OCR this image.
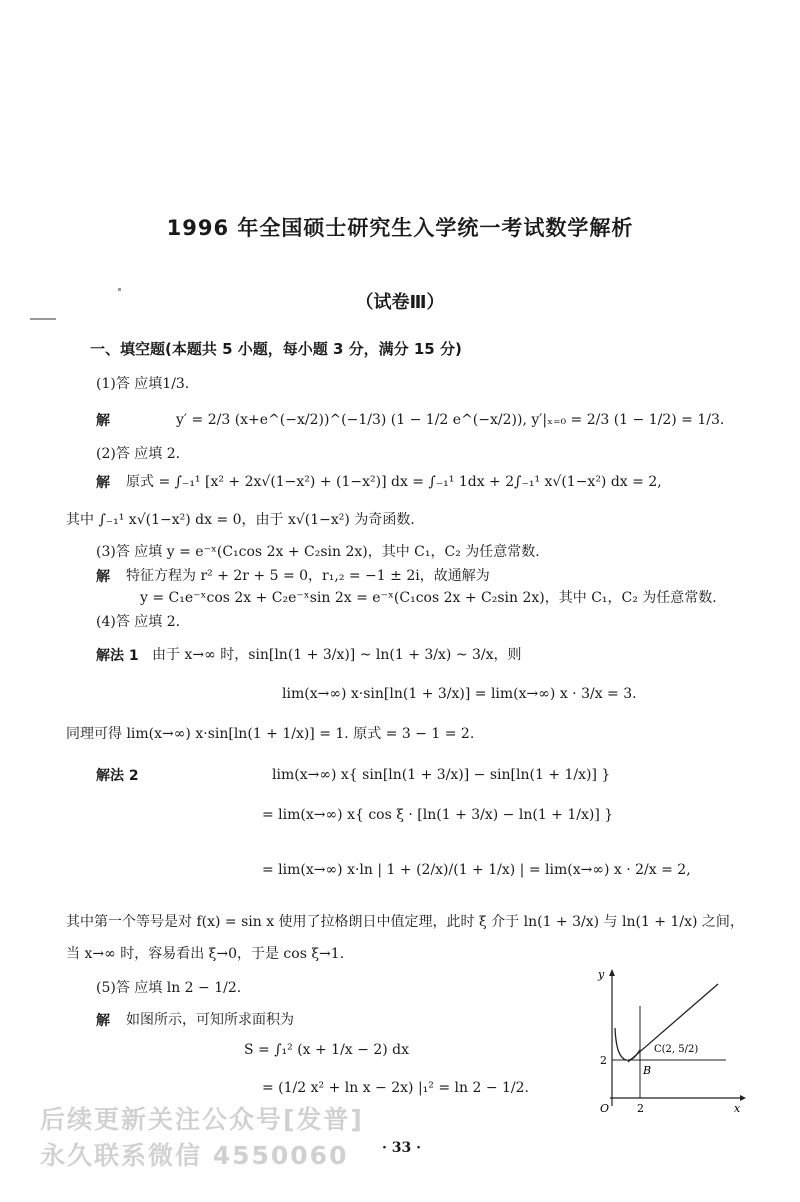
1996 年全国硕士研究生入学统一考试数学解析
（试卷Ⅲ）
一、填空题(本题共 5 小题，每小题 3 分，满分 15 分)
(1)答 应填1/3.
解	y′ = 2/3 (x+e^(−x/2))^(−1/3) (1 − 1/2 e^(−x/2)), y′|ₓ₌₀ = 2/3 (1 − 1/2) = 1/3.
(2)答 应填 2.
解 原式 = ∫₋₁¹ [x² + 2x√(1−x²) + (1−x²)] dx = ∫₋₁¹ 1dx + 2∫₋₁¹ x√(1−x²) dx = 2,
其中 ∫₋₁¹ x√(1−x²) dx = 0，由于 x√(1−x²) 为奇函数.
(3)答 应填 y = e⁻ˣ(C₁cos 2x + C₂sin 2x)，其中 C₁，C₂ 为任意常数.
解 特征方程为 r² + 2r + 5 = 0，r₁,₂ = −1 ± 2i，故通解为
y = C₁e⁻ˣcos 2x + C₂e⁻ˣsin 2x = e⁻ˣ(C₁cos 2x + C₂sin 2x)，其中 C₁，C₂ 为任意常数.
(4)答 应填 2.
解法 1 由于 x→∞ 时，sin[ln(1 + 3/x)] ~ ln(1 + 3/x) ~ 3/x，则
lim(x→∞) x·sin[ln(1 + 3/x)] = lim(x→∞) x · 3/x = 3.
同理可得 lim(x→∞) x·sin[ln(1 + 1/x)] = 1. 原式 = 3 − 1 = 2.
解法 2	lim(x→∞) x{ sin[ln(1 + 3/x)] − sin[ln(1 + 1/x)] }
= lim(x→∞) x{ cos ξ · [ln(1 + 3/x) − ln(1 + 1/x)] }
= lim(x→∞) x·ln | 1 + (2/x)/(1 + 1/x) | = lim(x→∞) x · 2/x = 2,
其中第一个等号是对 f(x) = sin x 使用了拉格朗日中值定理，此时 ξ 介于 ln(1 + 3/x) 与 ln(1 + 1/x) 之间，
当 x→∞ 时，容易看出 ξ→0，于是 cos ξ→1.
(5)答 应填 ln 2 − 1/2.
解 如图所示，可知所求面积为
S = ∫₁² (x + 1/x − 2) dx
= (1/2 x² + ln x − 2x) |₁² = ln 2 − 1/2.
y
x
O	2
2
B
C(2, 5/2)
后续更新关注公众号[发普]
永久联系微信 4550060 · 33 ·
